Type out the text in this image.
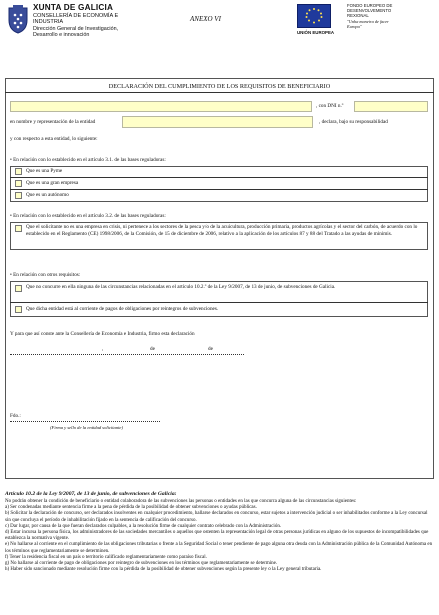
XUNTA DE GALICIA
CONSELLERÍA DE ECONOMÍA E
INDUSTRIA
Dirección General de Investigación,
Desarrollo e innovación
ANEXO VI
UNIÓN EUROPEA
FONDO EUROPEO DE
DESENVOLVEMENTO
REXIONAL
"Unha maneira de facer
Europa"
DECLARACIÓN DEL CUMPLIMIENTO DE LOS REQUISITOS DE BENEFICIARIO
, con DNI n.º
en nombre y representación de la entidad	, declara, bajo su responsabilidad
y con respecto a esta entidad, lo siguiente:
• En relación con lo establecido en el artículo 3.1. de las bases reguladoras:
Que es una Pyme
Que es una gran empresa
Que es un autónomo
• En relación con lo establecido en el artículo 3.2. de las bases reguladoras:
Que el solicitante no es una empresa en crisis, ni pertenece a los sectores de la pesca y/o de la acuicultura, producción primaria, productos agrícolas y el sector del carbón, de acuerdo con lo establecido en el Reglamento (CE) 1998/2006, de la Comisión, de 15 de diciembre de 2006, relativo a la aplicación de los artículos 87 y 88 del Tratado a las ayudas de minimis.
• En relación con otros requisitos:
Que no concurre en ella ninguna de las circunstancias relacionadas en el artículo 10.2.º de la Ley 9/2007, de 13 de junio, de subvenciones de Galicia.
Que dicha entidad está al corriente de pagos de obligaciones por reintegros de subvenciones.
Y para que así conste ante la Consellería de Economía e Industria, firmo esta declaración
,	de	de
Fdo.:
(Firma y sello de la entidad solicitante)
Artículo 10.2 de la Ley 9/2007, de 13 de junio, de subvenciones de Galicia:
No podrán obtener la condición de beneficiario o entidad colaboradora de las subvenciones las personas o entidades en las que concurra alguna de las circunstancias siguientes:
a) Ser condenadas mediante sentencia firme a la pena de pérdida de la posibilidad de obtener subvenciones o ayudas públicas.
b) Solicitar la declaración de concurso, ser declarados insolventes en cualquier procedimiento, hallarse declarados en concurso, estar sujetos a intervención judicial o ser inhabilitados conforme a la Ley concursal sin que concluya el período de inhabilitación fijado en la sentencia de calificación del concurso.
c) Dar lugar, por causa de la que fueran declarados culpables, a la resolución firme de cualquier contrato celebrado con la Administración.
d) Estar incursa la persona física, los administradores de las sociedades mercantiles o aquellos que ostenten la representación legal de otras personas jurídicas en alguno de los supuestos de incompatibilidades que establezca la normativa vigente.
e) No hallarse al corriente en el cumplimiento de las obligaciones tributarias o frente a la Seguridad Social o tener pendiente de pago alguna otra deuda con la Administración pública de la Comunidad Autónoma en los términos que reglamentariamente se determinen.
f) Tener la residencia fiscal en un país o territorio calificado reglamentariamente como paraíso fiscal.
g) No hallarse al corriente de pago de obligaciones por reintegro de subvenciones en los términos que reglamentariamente se determine.
h) Haber sido sancionado mediante resolución firme con la pérdida de la posibilidad de obtener subvenciones según la presente ley o la Ley general tributaria.
